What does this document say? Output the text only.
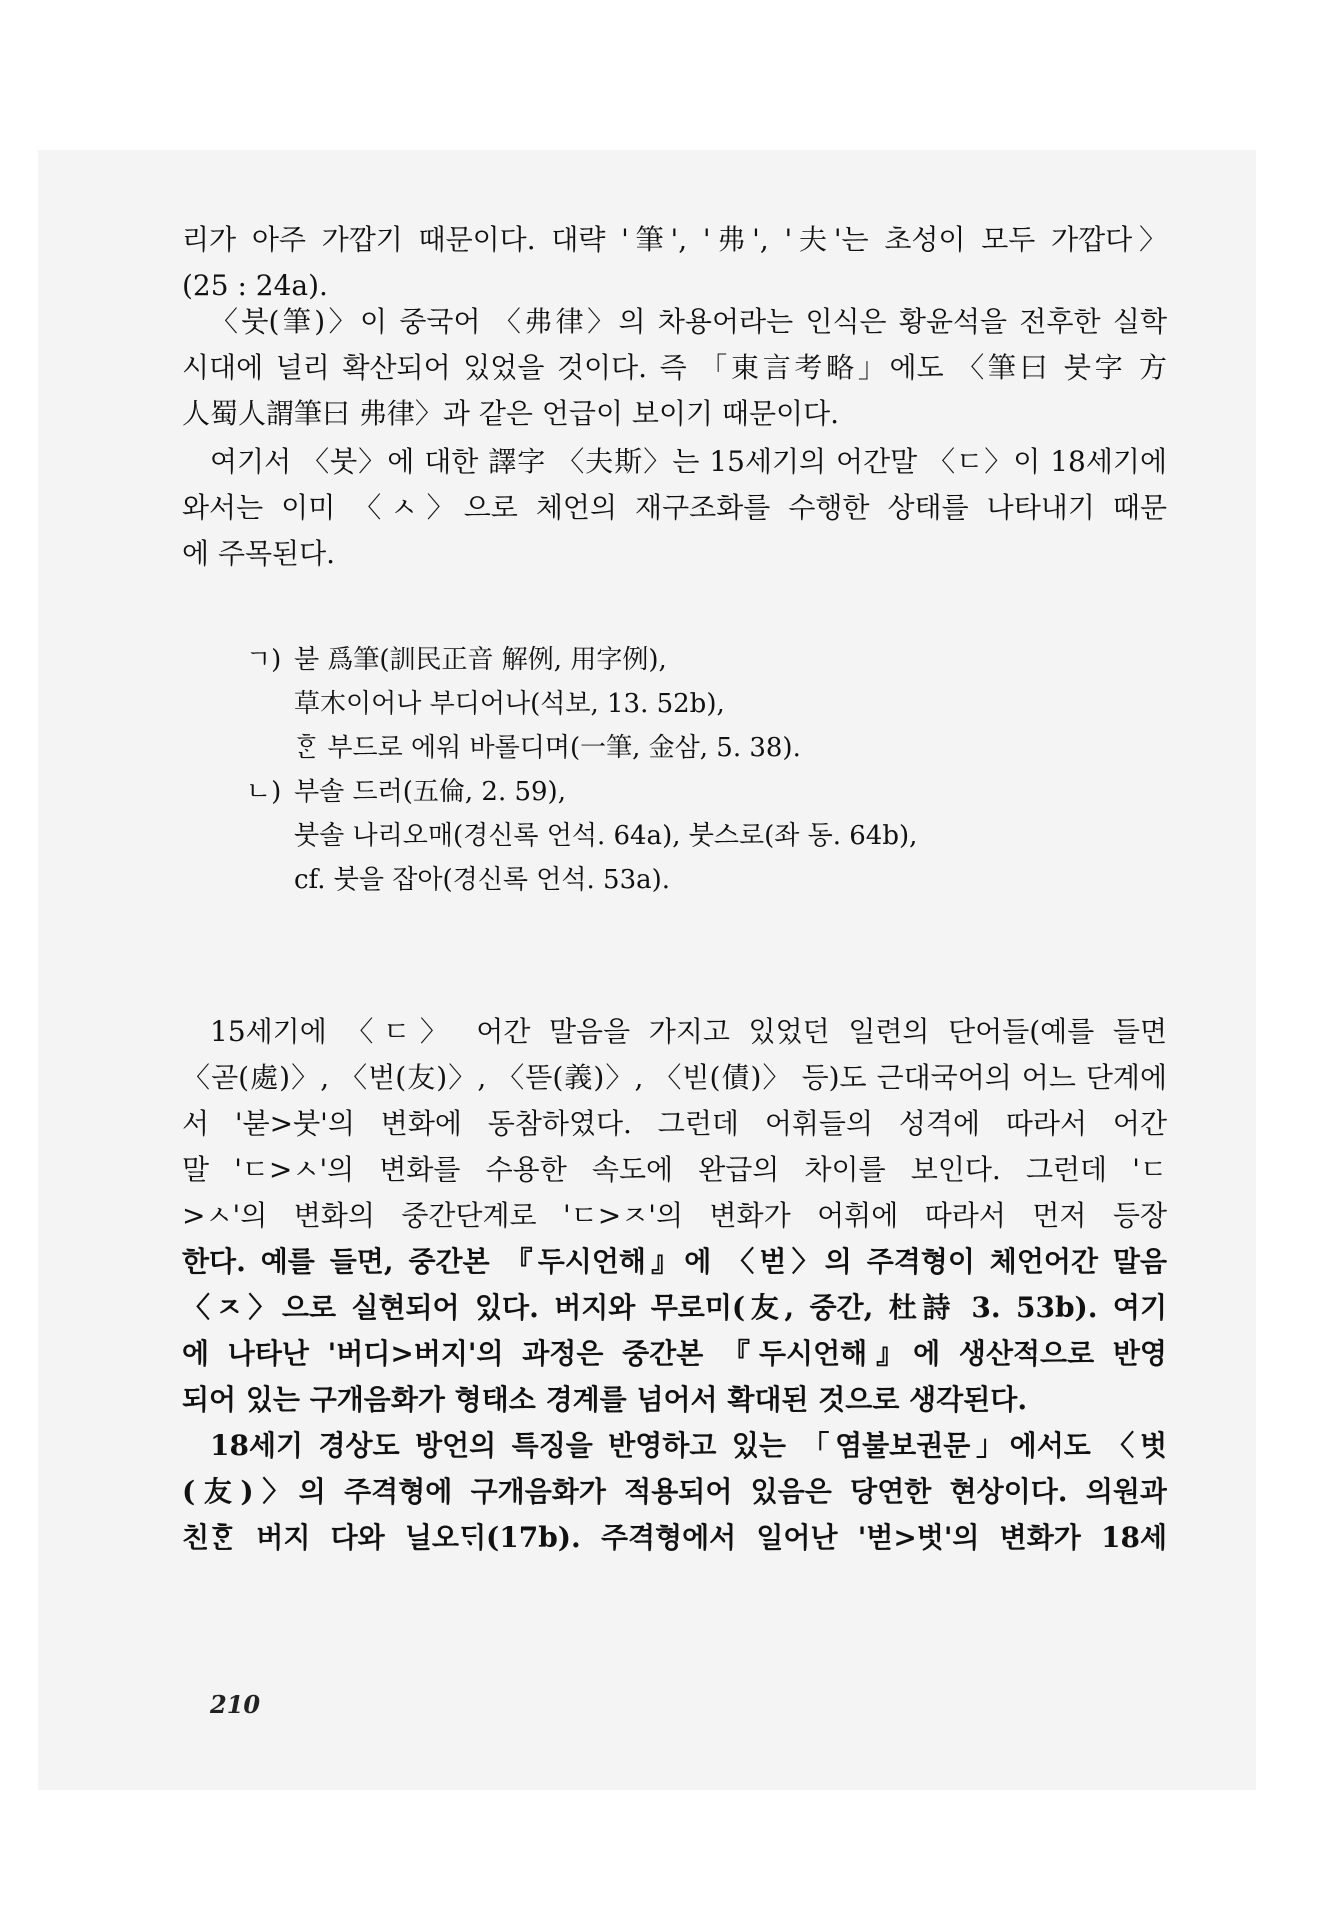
리가 아주 가깝기 때문이다. 대략 '筆', '弗', '夫'는 초성이 모두 가깝다〉
(25 : 24a).
〈붓(筆)〉이 중국어 〈弗律〉의 차용어라는 인식은 황윤석을 전후한 실학
시대에 널리 확산되어 있었을 것이다. 즉 「東言考略」에도 〈筆曰 붓字 方
人蜀人謂筆曰 弗律〉과 같은 언급이 보이기 때문이다.
여기서 〈붓〉에 대한 譯字 〈夫斯〉는 15세기의 어간말 〈ㄷ〉이 18세기에
와서는 이미 〈ㅅ〉으로 체언의 재구조화를 수행한 상태를 나타내기 때문
에 주목된다.
ㄱ) 붇 爲筆(訓民正音 解例, 用字例),
草木이어나 부디어나(석보, 13. 52b),
ᄒᆞᆫ 부드로 에워 바롤디며(一筆, 金삼, 5. 38).
ㄴ) 부솔 드러(五倫, 2. 59),
붓솔 나리오매(경신록 언석. 64a), 붓스로(좌 동. 64b),
cf. 붓을 잡아(경신록 언석. 53a).
15세기에 〈ㄷ〉 어간 말음을 가지고 있었던 일련의 단어들(예를 들면
〈곧(處)〉, 〈벋(友)〉, 〈뜯(義)〉, 〈빋(債)〉 등)도 근대국어의 어느 단계에
서 '붇>붓'의 변화에 동참하였다. 그런데 어휘들의 성격에 따라서 어간
말 'ㄷ>ㅅ'의 변화를 수용한 속도에 완급의 차이를 보인다. 그런데 'ㄷ
>ㅅ'의 변화의 중간단계로 'ㄷ>ㅈ'의 변화가 어휘에 따라서 먼저 등장
한다. 예를 들면, 중간본 『두시언해』에 〈벋〉의 주격형이 체언어간 말음
〈ㅈ〉으로 실현되어 있다. 버지와 무로미(友, 중간, 杜詩 3. 53b). 여기
에 나타난 '버디>버지'의 과정은 중간본 『두시언해』에 생산적으로 반영
되어 있는 구개음화가 형태소 경계를 넘어서 확대된 것으로 생각된다.
18세기 경상도 방언의 특징을 반영하고 있는 「염불보권문」에서도 〈벗
(友)〉의 주격형에 구개음화가 적용되어 있음은 당연한 현상이다. 의원과
친ᄒᆞᆫ 버지 다와 닐오ᄃᆡ(17b). 주격형에서 일어난 '벋>벗'의 변화가 18세
210
